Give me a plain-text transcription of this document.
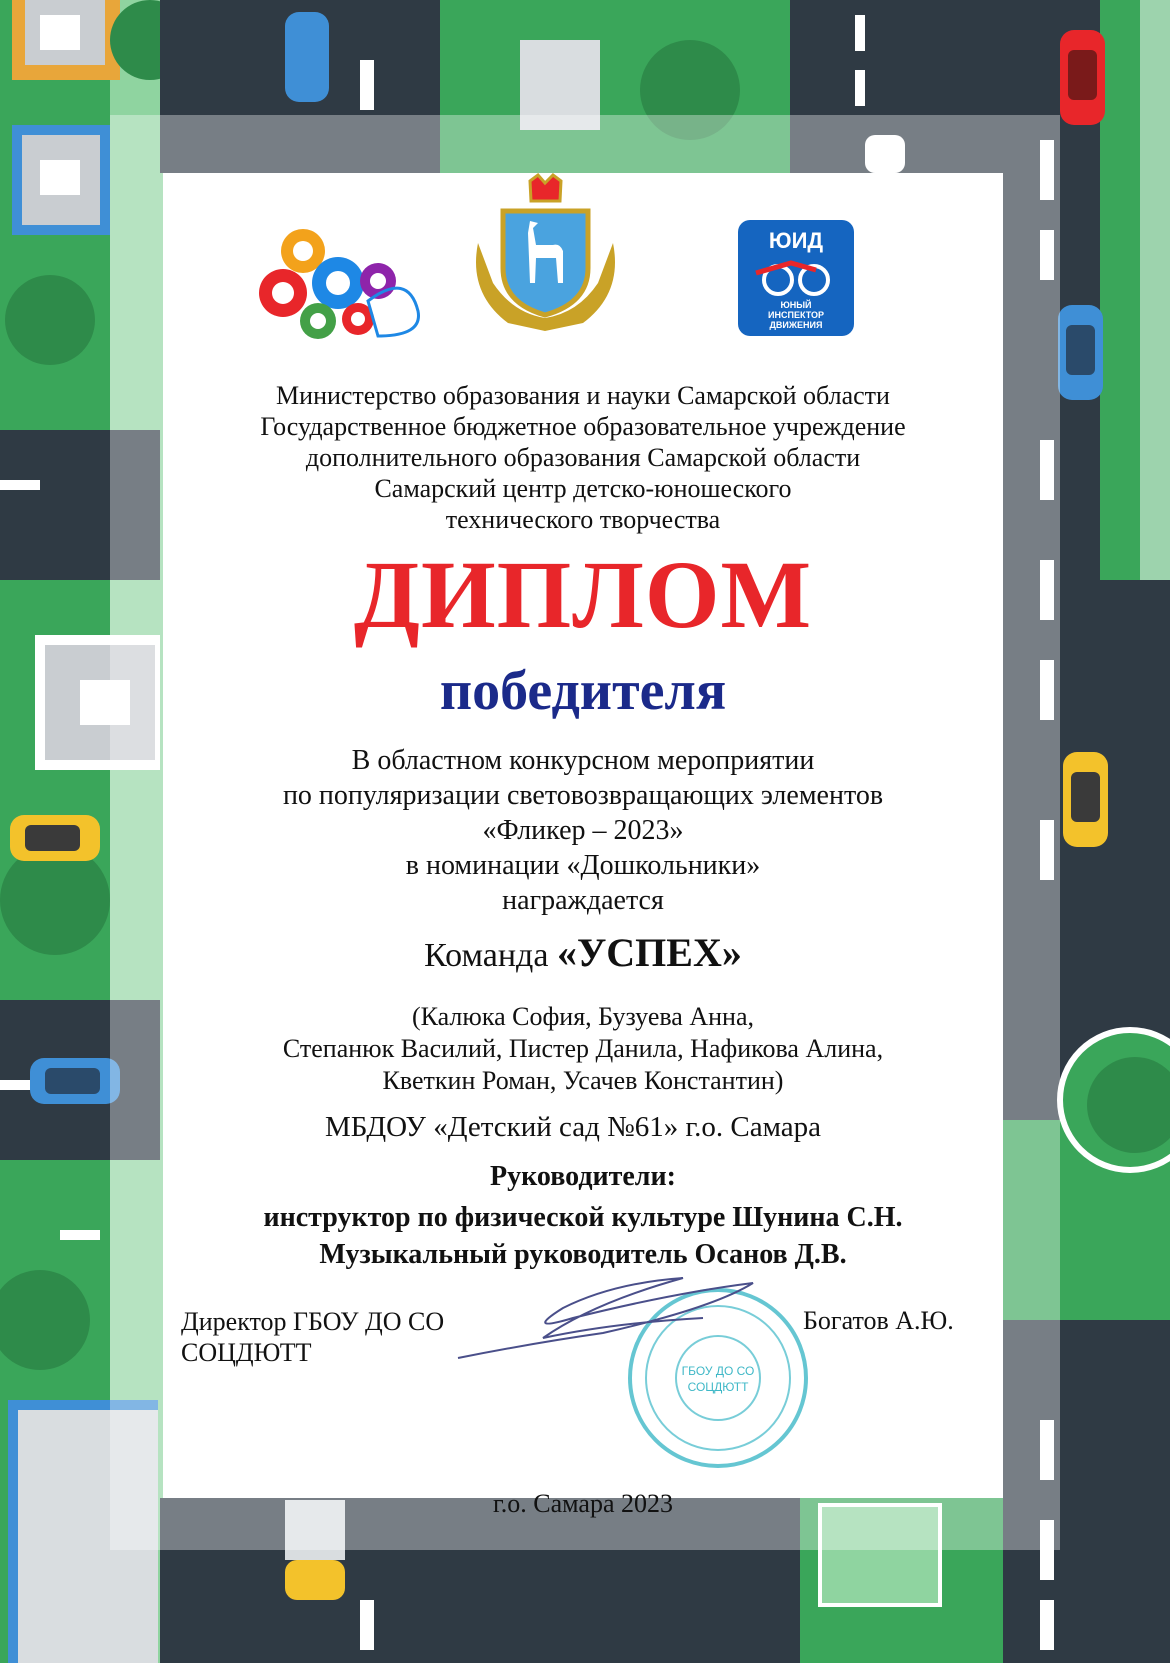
ЮИД
ЮНЫЙ
ИНСПЕКТОР
ДВИЖЕНИЯ
Министерство образования и науки Самарской области
Государственное бюджетное образовательное учреждение
дополнительного образования Самарской области
Самарский центр детско-юношеского
технического творчества
ДИПЛОМ
победителя
В областном конкурсном мероприятии
по популяризации световозвращающих элементов
«Фликер – 2023»
в номинации «Дошкольники»
награждается
Команда «УСПЕХ»
(Калюка София, Бузуева Анна,
Степанюк Василий, Пистер Данила, Нафикова Алина,
Кветкин Роман, Усачев Константин)
МБДОУ «Детский сад №61» г.о. Самара
Руководители:
инструктор по физической культуре Шунина С.Н.
Музыкальный руководитель Осанов Д.В.
Директор ГБОУ ДО СО
СОЦДЮТТ
ГБОУ ДО СО
СОЦДЮТТ
Богатов А.Ю.
г.о. Самара 2023
